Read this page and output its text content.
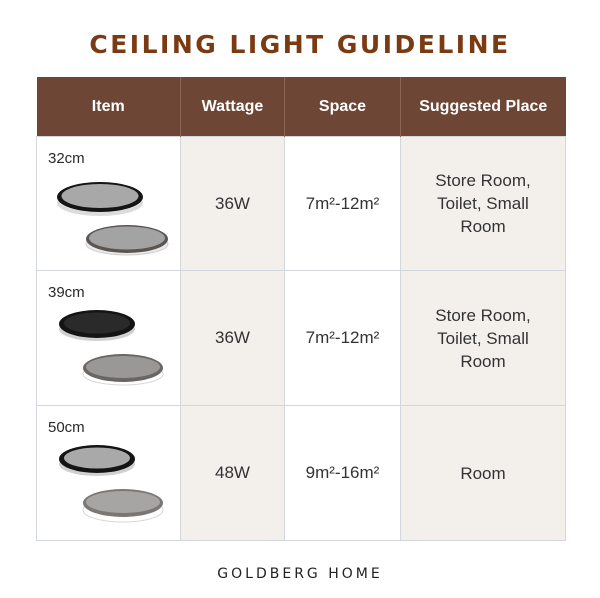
CEILING LIGHT GUIDELINE
Item	Wattage	Space	Suggested Place

32cm	36W	7m²-12m²	Store Room, Toilet, Small Room

39cm	36W	7m²-12m²	Store Room, Toilet, Small Room

50cm	48W	9m²-16m²	Room
GOLDBERG HOME
